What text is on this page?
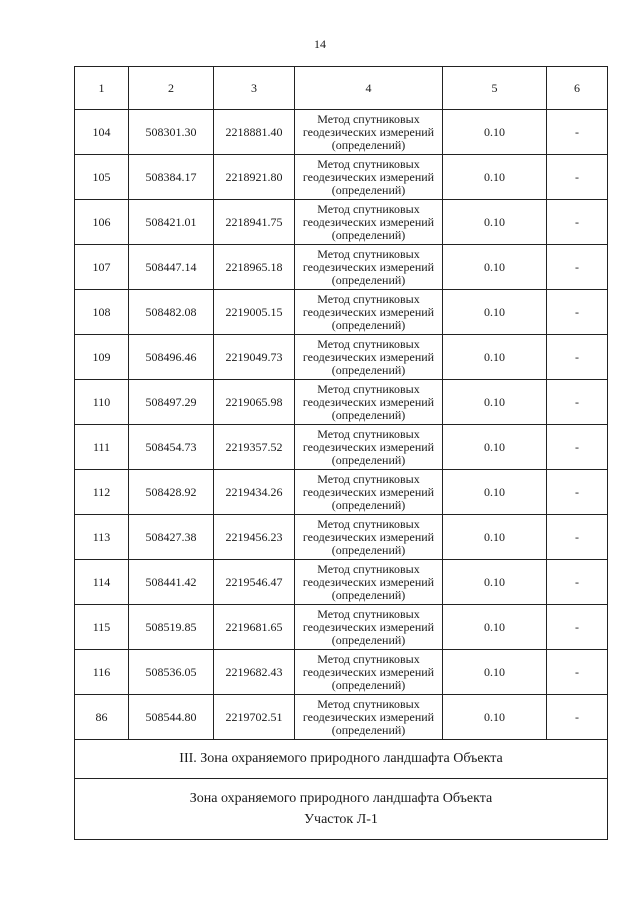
14
1	2	3	4	5	6
104	508301.30	2218881.40	Метод спутниковых
геодезических измерений
(определений)	0.10	-
105	508384.17	2218921.80	Метод спутниковых
геодезических измерений
(определений)	0.10	-
106	508421.01	2218941.75	Метод спутниковых
геодезических измерений
(определений)	0.10	-
107	508447.14	2218965.18	Метод спутниковых
геодезических измерений
(определений)	0.10	-
108	508482.08	2219005.15	Метод спутниковых
геодезических измерений
(определений)	0.10	-
109	508496.46	2219049.73	Метод спутниковых
геодезических измерений
(определений)	0.10	-
110	508497.29	2219065.98	Метод спутниковых
геодезических измерений
(определений)	0.10	-
111	508454.73	2219357.52	Метод спутниковых
геодезических измерений
(определений)	0.10	-
112	508428.92	2219434.26	Метод спутниковых
геодезических измерений
(определений)	0.10	-
113	508427.38	2219456.23	Метод спутниковых
геодезических измерений
(определений)	0.10	-
114	508441.42	2219546.47	Метод спутниковых
геодезических измерений
(определений)	0.10	-
115	508519.85	2219681.65	Метод спутниковых
геодезических измерений
(определений)	0.10	-
116	508536.05	2219682.43	Метод спутниковых
геодезических измерений
(определений)	0.10	-
86	508544.80	2219702.51	Метод спутниковых
геодезических измерений
(определений)	0.10	-
III. Зона охраняемого природного ландшафта Объекта					

Зона охраняемого природного ландшафта Объекта
Участок Л-1					
